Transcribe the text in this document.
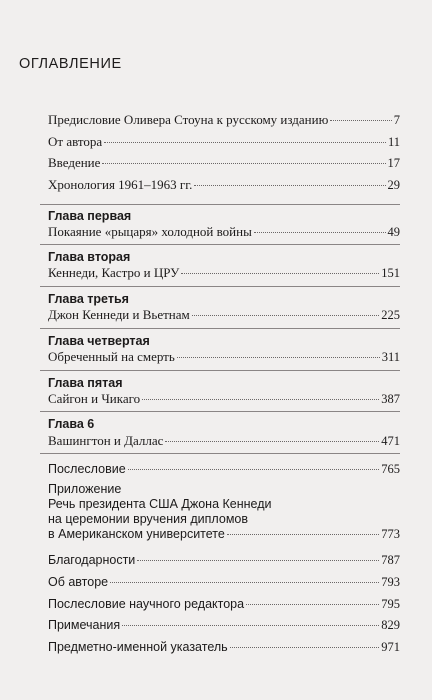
ОГЛАВЛЕНИЕ
Предисловие Оливера Стоуна к русскому изданию	7
От автора	11
Введение	17
Хронология 1961–1963 гг.	29
Глава первая
Покаяние «рыцаря» холодной войны	49
Глава вторая
Кеннеди, Кастро и ЦРУ	151
Глава третья
Джон Кеннеди и Вьетнам	225
Глава четвертая
Обреченный на смерть	311
Глава пятая
Сайгон и Чикаго	387
Глава 6
Вашингтон и Даллас	471
Послесловие	765
Приложение
Речь президента США Джона Кеннеди
на церемонии вручения дипломов
в Американском университете	773
Благодарности	787
Об авторе	793
Послесловие научного редактора	795
Примечания	829
Предметно-именной указатель	971
